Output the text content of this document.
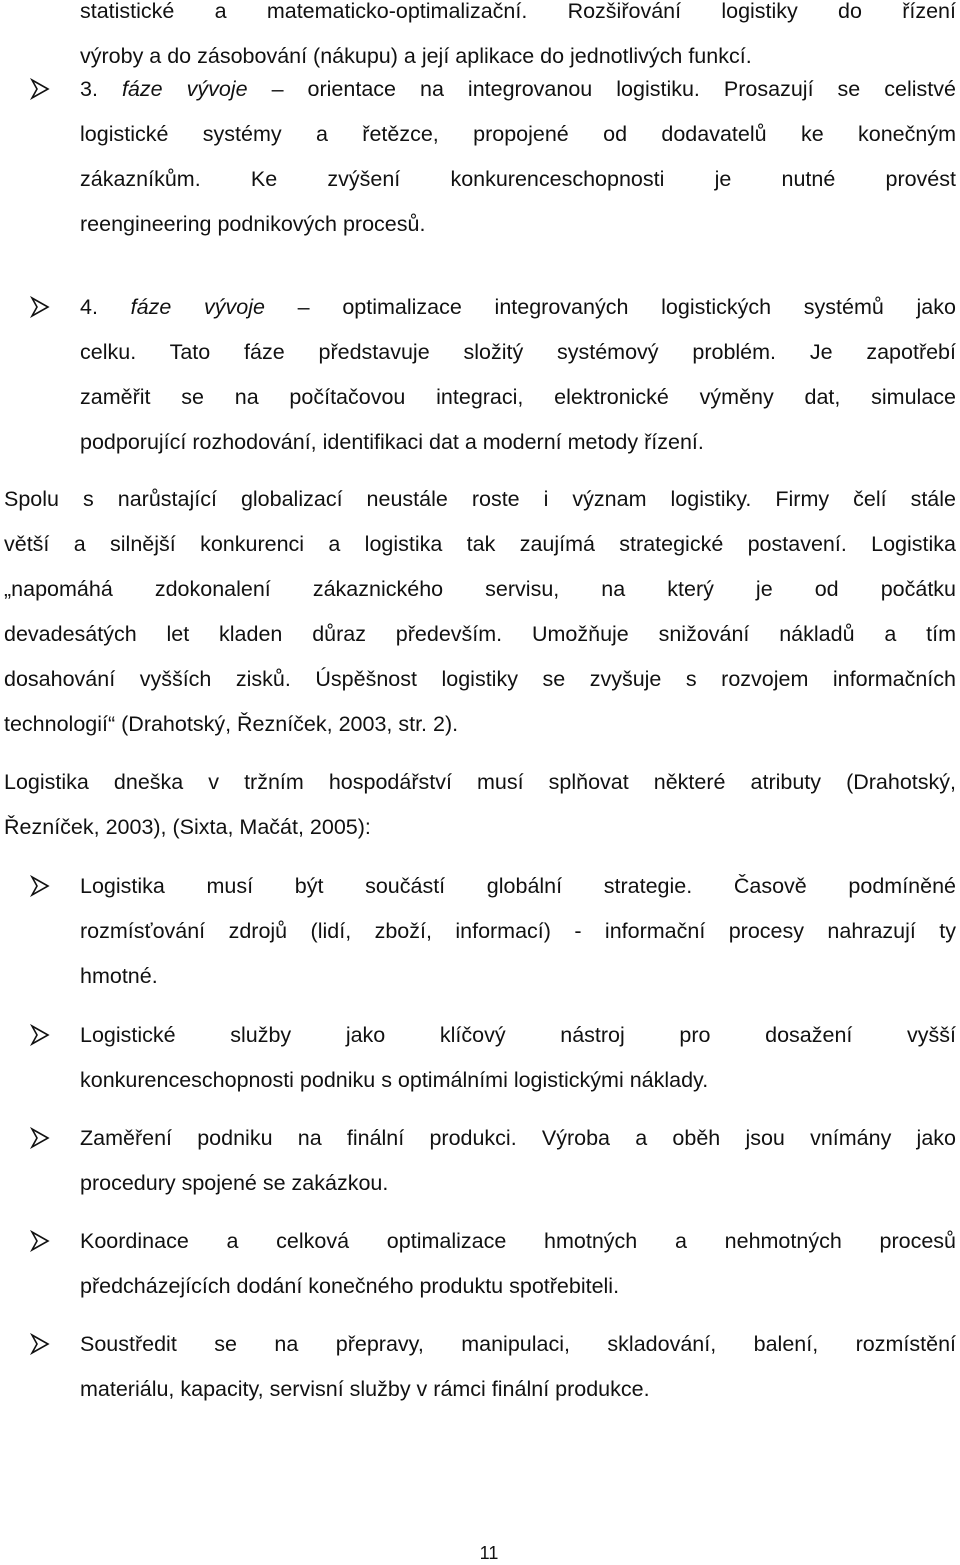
statistické a matematicko-optimalizační. Rozšiřování logistiky do řízení
výroby a do zásobování (nákupu) a její aplikace do jednotlivých funkcí.
3. fáze vývoje – orientace na integrovanou logistiku. Prosazují se celistvé
logistické systémy a řetězce, propojené od dodavatelů ke konečným
zákazníkům. Ke zvýšení konkurenceschopnosti je nutné provést
reengineering podnikových procesů.
4. fáze vývoje – optimalizace integrovaných logistických systémů jako
celku. Tato fáze představuje složitý systémový problém. Je zapotřebí
zaměřit se na počítačovou integraci, elektronické výměny dat, simulace
podporující rozhodování, identifikaci dat a moderní metody řízení.
Spolu s narůstající globalizací neustále roste i význam logistiky. Firmy čelí stále
větší a silnější konkurenci a logistika tak zaujímá strategické postavení. Logistika
„napomáhá zdokonalení zákaznického servisu, na který je od počátku
devadesátých let kladen důraz především. Umožňuje snižování nákladů a tím
dosahování vyšších zisků. Úspěšnost logistiky se zvyšuje s rozvojem informačních
technologií“ (Drahotský, Řezníček, 2003, str. 2).
Logistika dneška v tržním hospodářství musí splňovat některé atributy (Drahotský,
Řezníček, 2003), (Sixta, Mačát, 2005):
Logistika musí být součástí globální strategie. Časově podmíněné
rozmísťování zdrojů (lidí, zboží, informací) - informační procesy nahrazují ty
hmotné.
Logistické služby jako klíčový nástroj pro dosažení vyšší
konkurenceschopnosti podniku s optimálními logistickými náklady.
Zaměření podniku na finální produkci. Výroba a oběh jsou vnímány jako
procedury spojené se zakázkou.
Koordinace a celková optimalizace hmotných a nehmotných procesů
předcházejících dodání konečného produktu spotřebiteli.
Soustředit se na přepravy, manipulaci, skladování, balení, rozmístění
materiálu, kapacity, servisní služby v rámci finální produkce.
11
